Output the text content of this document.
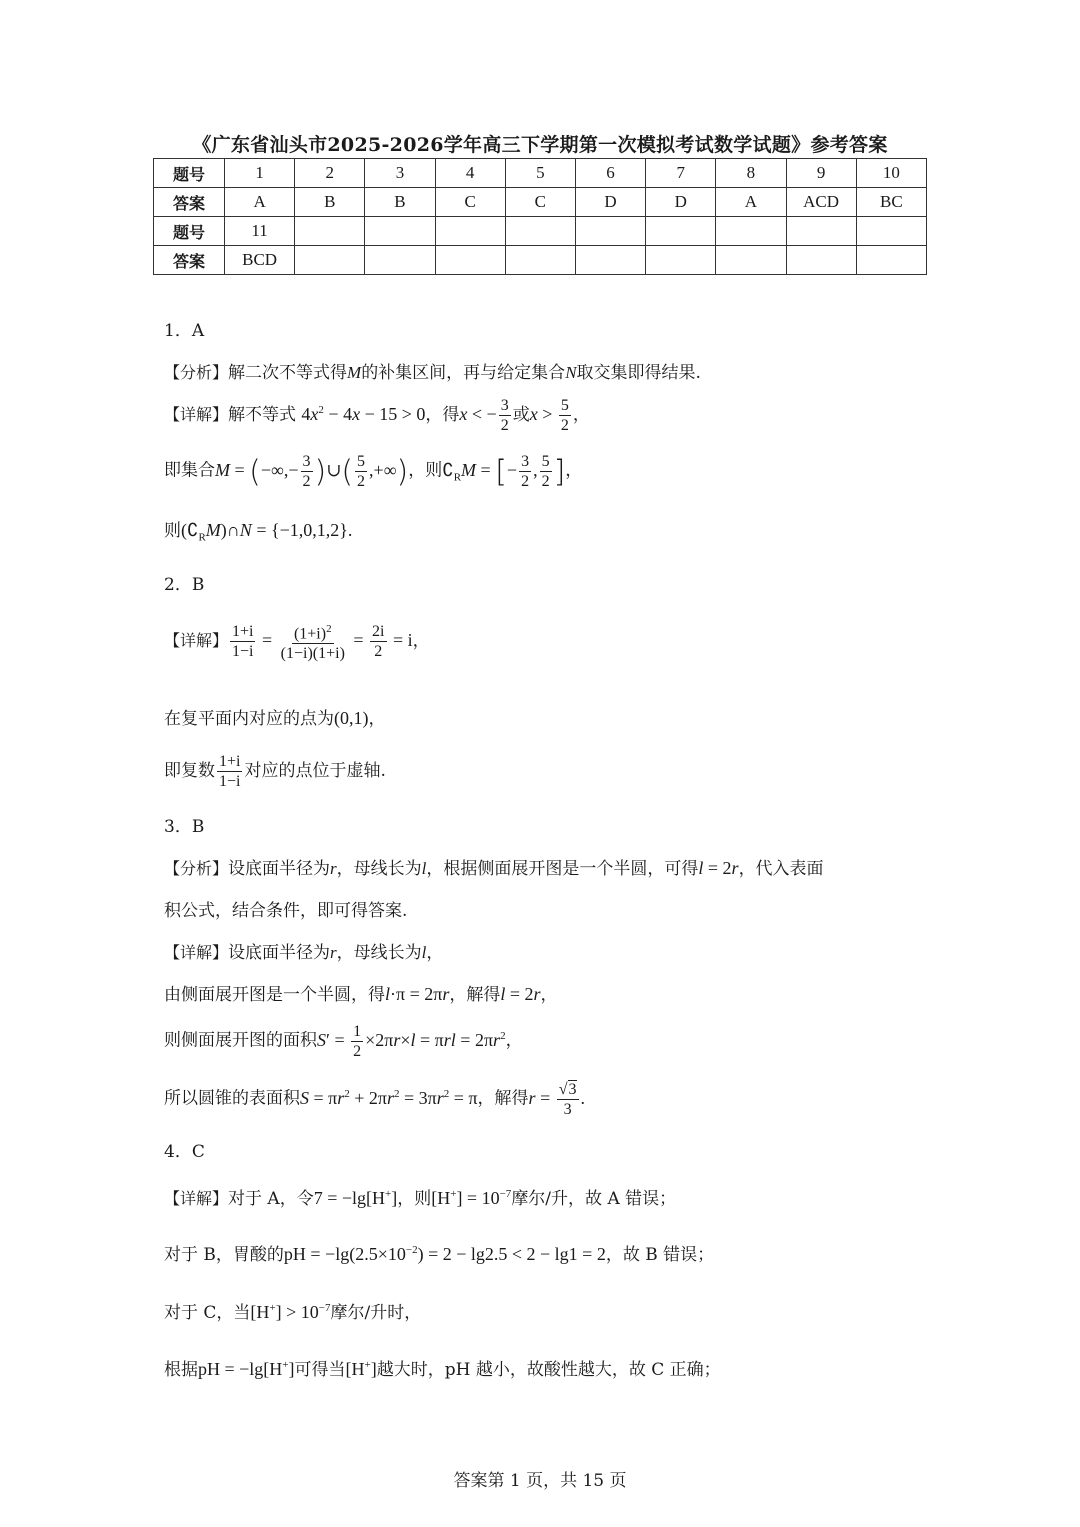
《广东省汕头市2025-2026学年高三下学期第一次模拟考试数学试题》参考答案
题号	1	2	3	4	5	6	7	8	9	10
答案	A	B	B	C	C	D	D	A	ACD	BC
题号	11									
答案	BCD									
1．A
【分析】解二次不等式得M的补集区间，再与给定集合N取交集即得结果.
【详解】解不等式 $4x^2 - 4x - 15 > 0$，得x < − $\frac{3}{2}$ 或$x > \frac{5}{2}$ ，
即集合M = (−∞,− $\frac{3}{2}$ )∪( $\frac{5}{2}$ ,+∞)，则$∁_RM$ = [− $\frac{3}{2}$ , $\frac{5}{2}$ ]，
则$(∁_RM)\cap N = \{-1,0,1,2\}$.
2．B
【详解】 $\frac{1+i}{1-i} = \frac{(1+i)^2}{(1-i)(1+i)} = \frac{2i}{2} = i$，
在复平面内对应的点为(0,1)，
即复数 $\frac{1+i}{1-i}$ 对应的点位于虚轴.
3．B
【分析】设底面半径为r，母线长为l，根据侧面展开图是一个半圆，可得l = 2r，代入表面
积公式，结合条件，即可得答案.
【详解】设底面半径为r，母线长为l，
由侧面展开图是一个半圆，得l·π = 2πr，解得l = 2r，
则侧面展开图的面积$S' = \frac{1}{2} \times 2\pi r\times l = \pi rl = 2\pi r^2$，
所以圆锥的表面积$S = \pi r^2 + 2\pi r^2 = 3\pi r^2 = \pi$，解得$r = \frac{√3}{3}$ .
4．C
【详解】对于 A，令7 = −lg[H+]，则$[H^+] = 10^{-7}$摩尔/升，故 A 错误；
对于 B，胃酸的pH = $-\lg(2.5\times 10^{-2}) = 2 - \lg 2.5 < 2 - \lg 1 = 2$，故 B 错误；
对于 C，当$[H^+] > 10^{-7}$摩尔/升时，
根据pH = −lg[H+]可得当[H+]越大时，pH 越小，故酸性越大，故 C 正确；
答案第 1 页，共 15 页
